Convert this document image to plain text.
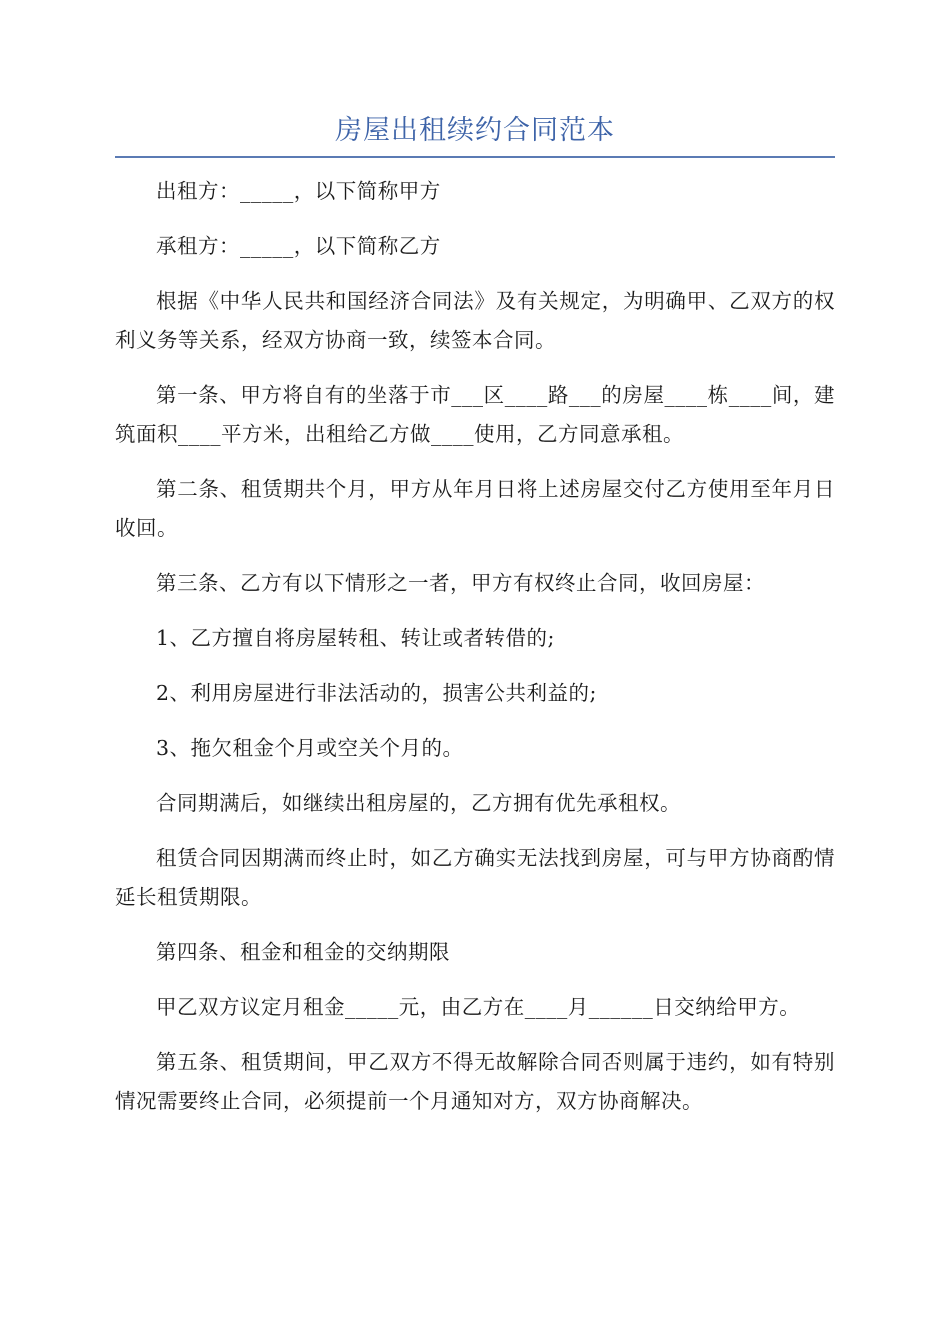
房屋出租续约合同范本

出租方：_____，以下简称甲方

承租方：_____，以下简称乙方

根据《中华人民共和国经济合同法》及有关规定，为明确甲、乙双方的权利义务等关系，经双方协商一致，续签本合同。

第一条、甲方将自有的坐落于市___区____路___的房屋____栋____间，建筑面积____平方米，出租给乙方做____使用，乙方同意承租。

第二条、租赁期共个月，甲方从年月日将上述房屋交付乙方使用至年月日收回。

第三条、乙方有以下情形之一者，甲方有权终止合同，收回房屋：

1、乙方擅自将房屋转租、转让或者转借的;

2、利用房屋进行非法活动的，损害公共利益的;

3、拖欠租金个月或空关个月的。

合同期满后，如继续出租房屋的，乙方拥有优先承租权。

租赁合同因期满而终止时，如乙方确实无法找到房屋，可与甲方协商酌情延长租赁期限。

第四条、租金和租金的交纳期限

甲乙双方议定月租金_____元，由乙方在____月______日交纳给甲方。

第五条、租赁期间，甲乙双方不得无故解除合同否则属于违约，如有特别情况需要终止合同，必须提前一个月通知对方，双方协商解决。
